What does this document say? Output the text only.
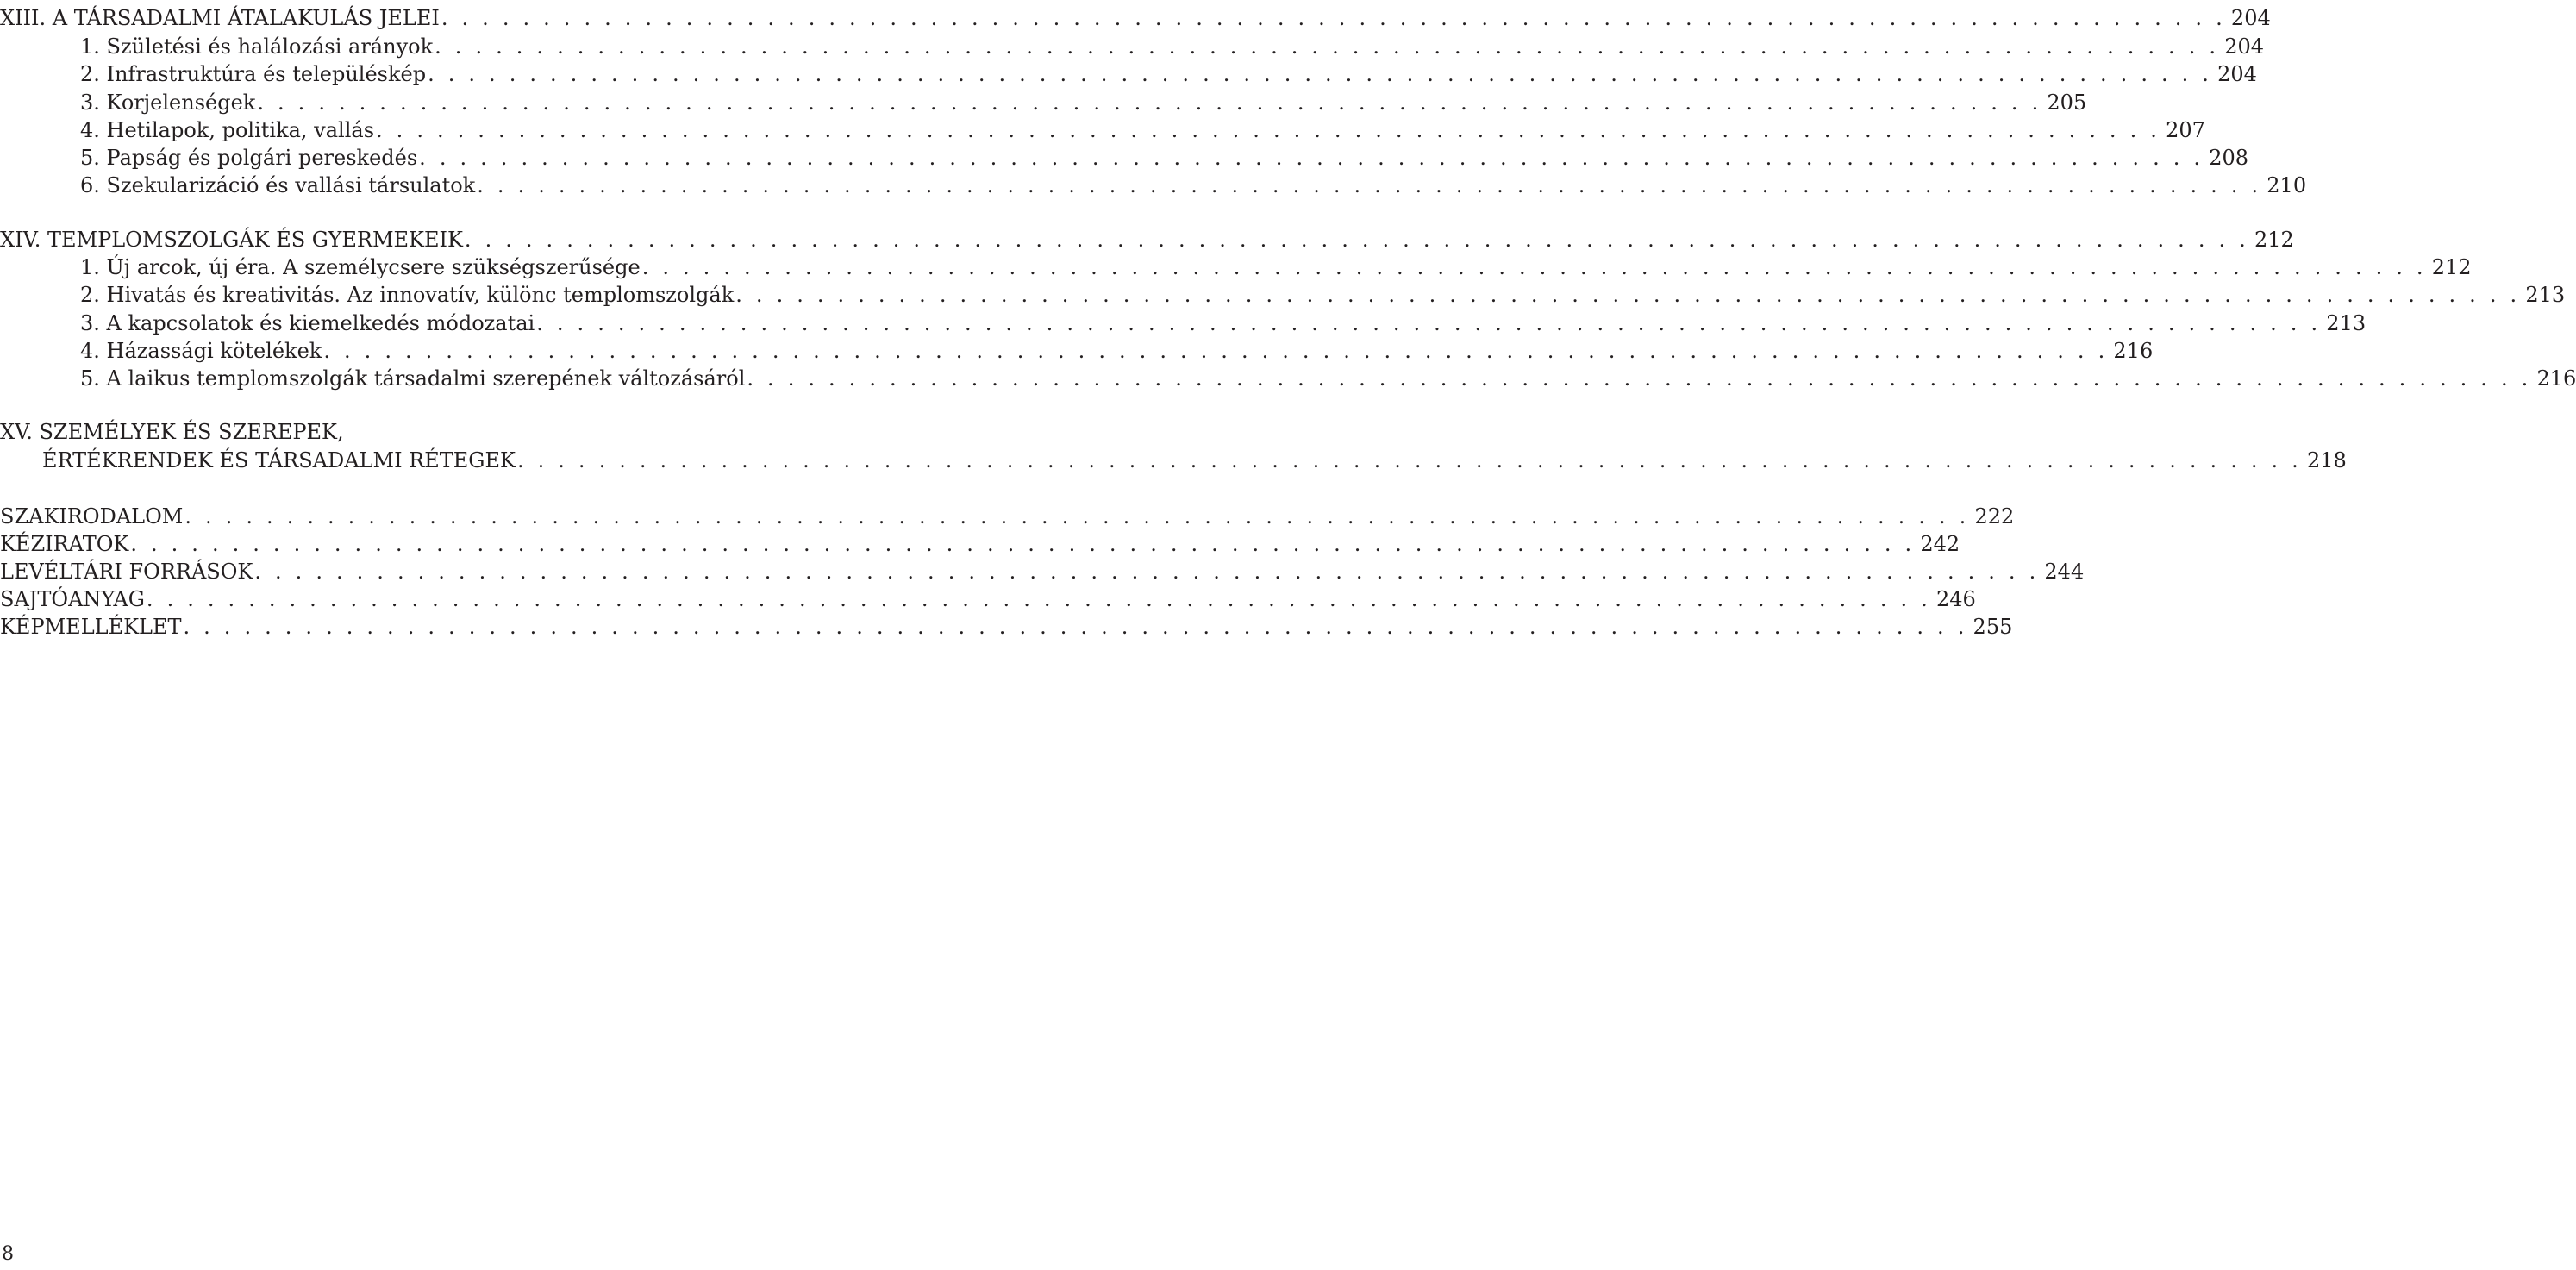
XIII. A TÁRSADALMI ÁTALAKULÁS JELEI . . . . . . . . . . . . . . . . . . . . . . . . . . . . . . . . . . . . . . . . . . . . . . . . . . . . . . . . . . . . . . . . . . . . . . . . . . . . . . . . . . . . . . . . 204
1. Születési és halálozási arányok . . . . . . . . . . . . . . . . . . . . . . . . . . . . . . . . . . . . . . . . . . . . . . . . . . . . . . . . . . . . . . . . . . . . . . . . . . . . . . . . . . . . . . . . 204
2. Infrastruktúra és településkép . . . . . . . . . . . . . . . . . . . . . . . . . . . . . . . . . . . . . . . . . . . . . . . . . . . . . . . . . . . . . . . . . . . . . . . . . . . . . . . . . . . . . . . . 204
3. Korjelenségek . . . . . . . . . . . . . . . . . . . . . . . . . . . . . . . . . . . . . . . . . . . . . . . . . . . . . . . . . . . . . . . . . . . . . . . . . . . . . . . . . . . . . . . . 205
4. Hetilapok, politika, vallás . . . . . . . . . . . . . . . . . . . . . . . . . . . . . . . . . . . . . . . . . . . . . . . . . . . . . . . . . . . . . . . . . . . . . . . . . . . . . . . . . . . . . . . . 207
5. Papság és polgári pereskedés . . . . . . . . . . . . . . . . . . . . . . . . . . . . . . . . . . . . . . . . . . . . . . . . . . . . . . . . . . . . . . . . . . . . . . . . . . . . . . . . . . . . . . . . 208
6. Szekularizáció és vallási társulatok . . . . . . . . . . . . . . . . . . . . . . . . . . . . . . . . . . . . . . . . . . . . . . . . . . . . . . . . . . . . . . . . . . . . . . . . . . . . . . . . . . . . . . . . 210
XIV. TEMPLOMSZOLGÁK ÉS GYERMEKEIK . . . . . . . . . . . . . . . . . . . . . . . . . . . . . . . . . . . . . . . . . . . . . . . . . . . . . . . . . . . . . . . . . . . . . . . . . . . . . . . . . . . . . . . . 212
1. Új arcok, új éra. A személycsere szükségszerűsége . . . . . . . . . . . . . . . . . . . . . . . . . . . . . . . . . . . . . . . . . . . . . . . . . . . . . . . . . . . . . . . . . . . . . . . . . . . . . . . . . . . . . . . . 212
2. Hivatás és kreativitás. Az innovatív, különc templomszolgák . . . . . . . . . . . . . . . . . . . . . . . . . . . . . . . . . . . . . . . . . . . . . . . . . . . . . . . . . . . . . . . . . . . . . . . . . . . . . . . . . . . . . . . . 213
3. A kapcsolatok és kiemelkedés módozatai . . . . . . . . . . . . . . . . . . . . . . . . . . . . . . . . . . . . . . . . . . . . . . . . . . . . . . . . . . . . . . . . . . . . . . . . . . . . . . . . . . . . . . . . 213
4. Házassági kötelékek . . . . . . . . . . . . . . . . . . . . . . . . . . . . . . . . . . . . . . . . . . . . . . . . . . . . . . . . . . . . . . . . . . . . . . . . . . . . . . . . . . . . . . . . 216
5. A laikus templomszolgák társadalmi szerepének változásáról . . . . . . . . . . . . . . . . . . . . . . . . . . . . . . . . . . . . . . . . . . . . . . . . . . . . . . . . . . . . . . . . . . . . . . . . . . . . . . . . . . . . . . . . 216
XV. SZEMÉLYEK ÉS SZEREPEK,
ÉRTÉKRENDEK ÉS TÁRSADALMI RÉTEGEK . . . . . . . . . . . . . . . . . . . . . . . . . . . . . . . . . . . . . . . . . . . . . . . . . . . . . . . . . . . . . . . . . . . . . . . . . . . . . . . . . . . . . . . . 218
SZAKIRODALOM . . . . . . . . . . . . . . . . . . . . . . . . . . . . . . . . . . . . . . . . . . . . . . . . . . . . . . . . . . . . . . . . . . . . . . . . . . . . . . . . . . . . . . . . 222
KÉZIRATOK . . . . . . . . . . . . . . . . . . . . . . . . . . . . . . . . . . . . . . . . . . . . . . . . . . . . . . . . . . . . . . . . . . . . . . . . . . . . . . . . . . . . . . . . 242
LEVÉLTÁRI FORRÁSOK . . . . . . . . . . . . . . . . . . . . . . . . . . . . . . . . . . . . . . . . . . . . . . . . . . . . . . . . . . . . . . . . . . . . . . . . . . . . . . . . . . . . . . . . 244
SAJTÓANYAG . . . . . . . . . . . . . . . . . . . . . . . . . . . . . . . . . . . . . . . . . . . . . . . . . . . . . . . . . . . . . . . . . . . . . . . . . . . . . . . . . . . . . . . . 246
KÉPMELLÉKLET . . . . . . . . . . . . . . . . . . . . . . . . . . . . . . . . . . . . . . . . . . . . . . . . . . . . . . . . . . . . . . . . . . . . . . . . . . . . . . . . . . . . . . . . 255
8
